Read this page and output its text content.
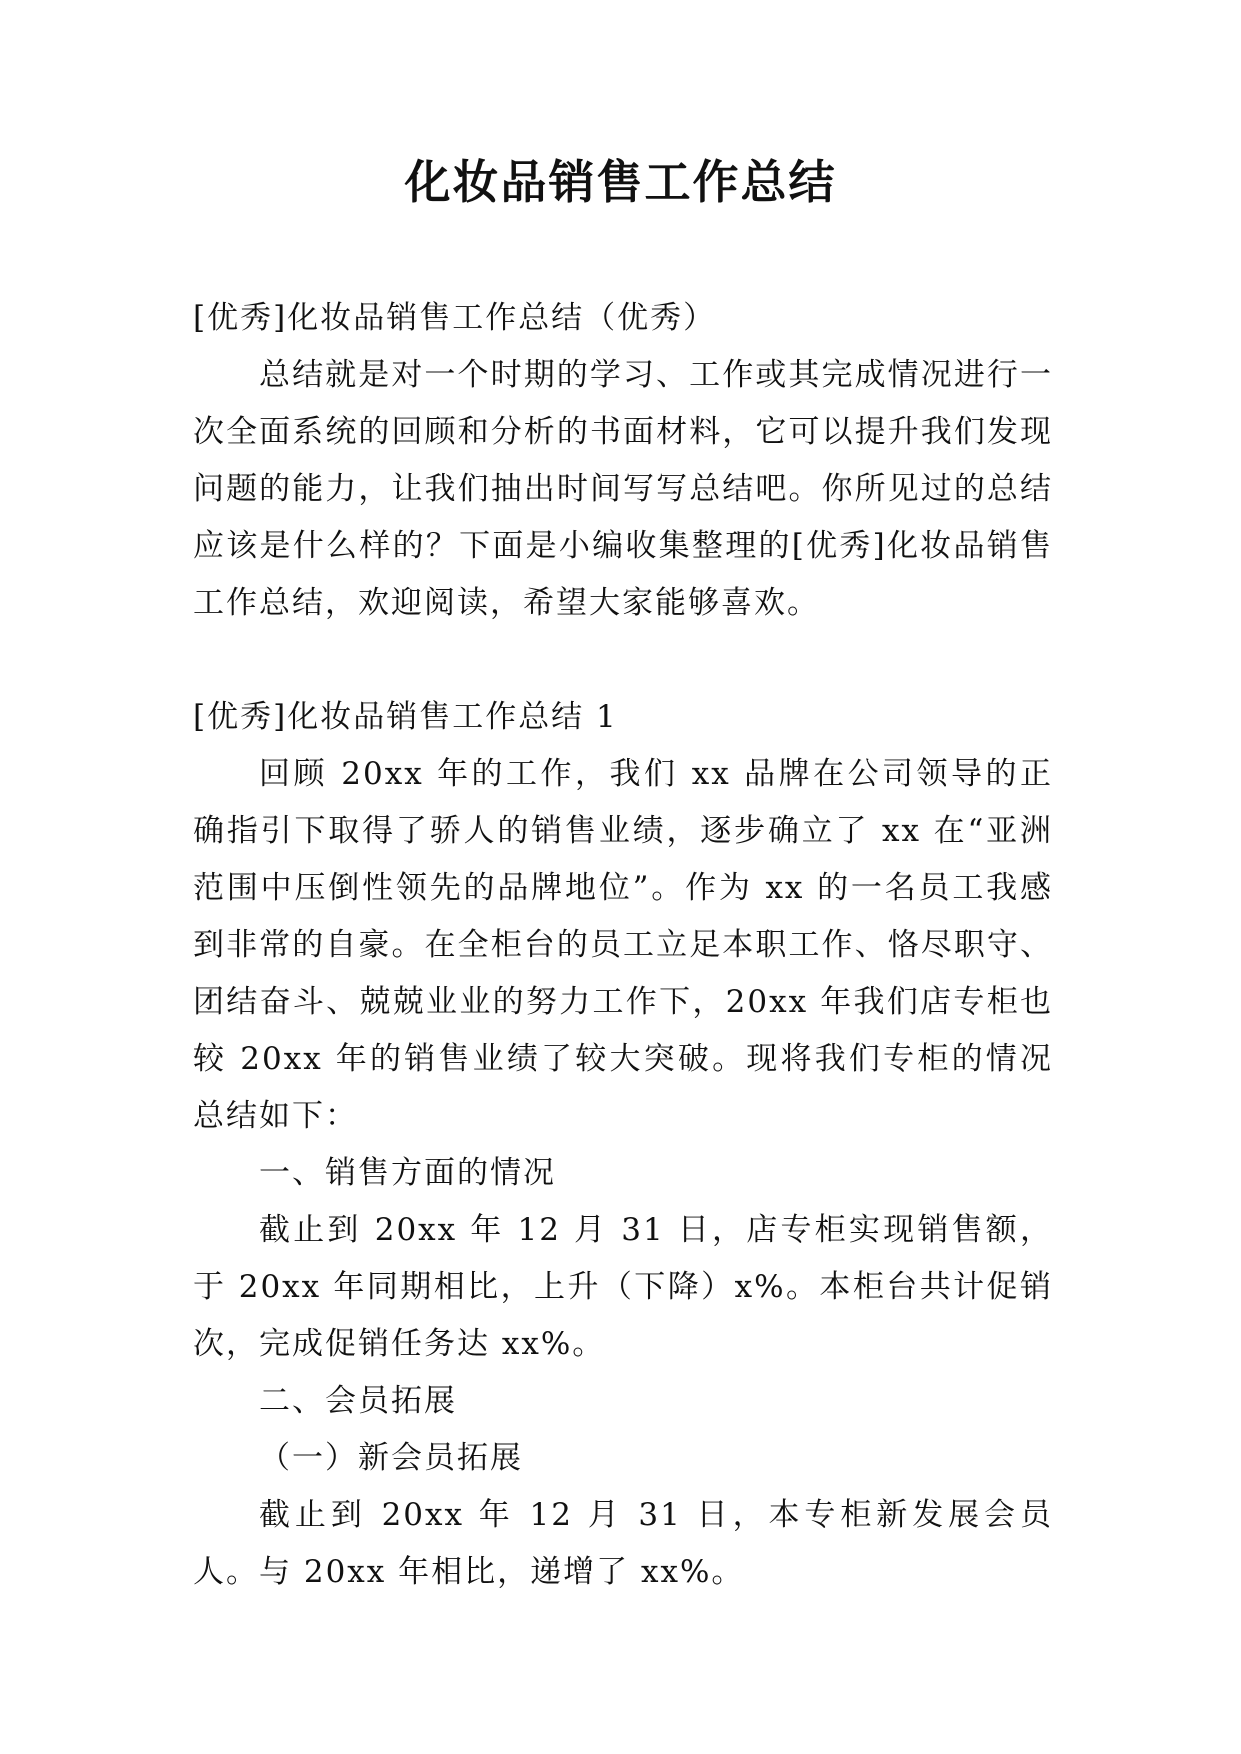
化妆品销售工作总结

[优秀]化妆品销售工作总结（优秀）

总结就是对一个时期的学习、工作或其完成情况进行一次全面系统的回顾和分析的书面材料，它可以提升我们发现问题的能力，让我们抽出时间写写总结吧。你所见过的总结应该是什么样的？下面是小编收集整理的[优秀]化妆品销售工作总结，欢迎阅读，希望大家能够喜欢。

[优秀]化妆品销售工作总结 1

回顾 20xx 年的工作，我们 xx 品牌在公司领导的正确指引下取得了骄人的销售业绩，逐步确立了 xx 在“亚洲范围中压倒性领先的品牌地位”。作为 xx 的一名员工我感到非常的自豪。在全柜台的员工立足本职工作、恪尽职守、团结奋斗、兢兢业业的努力工作下，20xx 年我们店专柜也较 20xx 年的销售业绩了较大突破。现将我们专柜的情况总结如下：

一、销售方面的情况

截止到 20xx 年 12 月 31 日，店专柜实现销售额，于 20xx 年同期相比，上升（下降）x%。本柜台共计促销次，完成促销任务达 xx%。

二、会员拓展

（一）新会员拓展

截止到 20xx 年 12 月 31 日，本专柜新发展会员人。与 20xx 年相比，递增了 xx%。
